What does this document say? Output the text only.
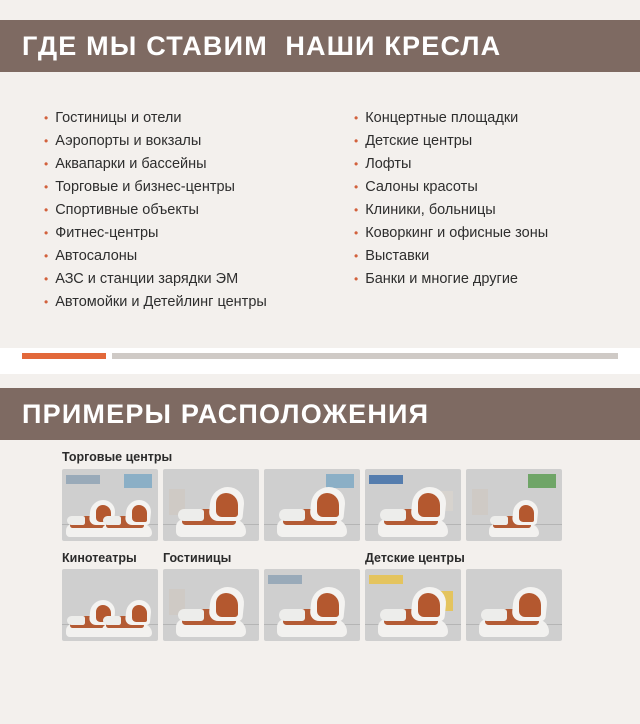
ГДЕ МЫ СТАВИМ  НАШИ КРЕСЛА
• Гостиницы и отели
• Аэропорты и вокзалы
• Аквапарки и бассейны
• Торговые и бизнес-центры
• Спортивные объекты
• Фитнес-центры
• Автосалоны
• АЗС и станции зарядки ЭМ
• Автомойки и Детейлинг центры
• Концертные площадки
• Детские центры
• Лофты
• Салоны красоты
• Клиники, больницы
• Коворкинг и офисные зоны
• Выставки
• Банки и многие другие
ПРИМЕРЫ РАСПОЛОЖЕНИЯ

Торговые центры

Кинотеатры	Гостиницы	Детские центры
